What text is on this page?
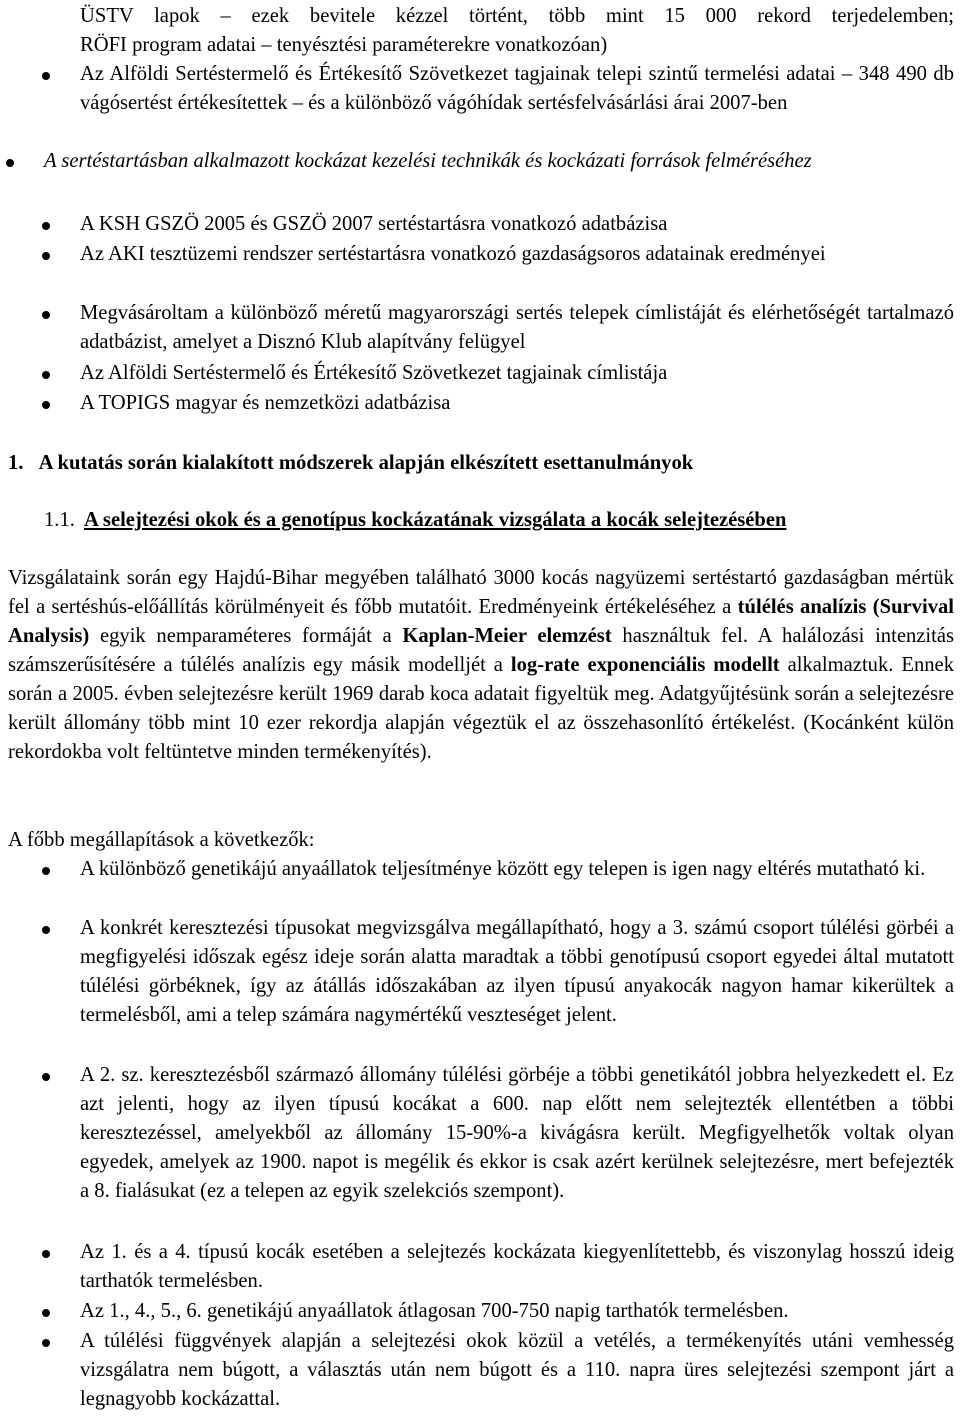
ÜSTV lapok – ezek bevitele kézzel történt, több mint 15 000 rekord terjedelemben;
RÖFI program adatai – tenyésztési paraméterekre vonatkozóan)
Az Alföldi Sertéstermelő és Értékesítő Szövetkezet tagjainak telepi szintű termelési adatai – 348 490 db vágósertést értékesítettek – és a különböző vágóhídak sertésfelvásárlási árai 2007-ben
A sertéstartásban alkalmazott kockázat kezelési technikák és kockázati források felméréséhez
A KSH GSZÖ 2005 és GSZÖ 2007 sertéstartásra vonatkozó adatbázisa
Az AKI tesztüzemi rendszer sertéstartásra vonatkozó gazdaságsoros adatainak eredményei
Megvásároltam a különböző méretű magyarországi sertés telepek címlistáját és elérhetőségét tartalmazó adatbázist, amelyet a Disznó Klub alapítvány felügyel
Az Alföldi Sertéstermelő és Értékesítő Szövetkezet tagjainak címlistája
A TOPIGS magyar és nemzetközi adatbázisa
1. A kutatás során kialakított módszerek alapján elkészített esettanulmányok
1.1. A selejtezési okok és a genotípus kockázatának vizsgálata a kocák selejtezésében
Vizsgálataink során egy Hajdú-Bihar megyében található 3000 kocás nagyüzemi sertéstartó gazdaságban mértük fel a sertéshús-előállítás körülményeit és főbb mutatóit. Eredményeink értékeléséhez a túlélés analízis (Survival Analysis) egyik nemparaméteres formáját a Kaplan-Meier elemzést használtuk fel. A halálozási intenzitás számszerűsítésére a túlélés analízis egy másik modelljét a log-rate exponenciális modellt alkalmaztuk. Ennek során a 2005. évben selejtezésre került 1969 darab koca adatait figyeltük meg. Adatgyűjtésünk során a selejtezésre került állomány több mint 10 ezer rekordja alapján végeztük el az összehasonlító értékelést. (Kocánként külön rekordokba volt feltüntetve minden termékenyítés).
A főbb megállapítások a következők:
A különböző genetikájú anyaállatok teljesítménye között egy telepen is igen nagy eltérés mutatható ki.
A konkrét keresztezési típusokat megvizsgálva megállapítható, hogy a 3. számú csoport túlélési görbéi a megfigyelési időszak egész ideje során alatta maradtak a többi genotípusú csoport egyedei által mutatott túlélési görbéknek, így az átállás időszakában az ilyen típusú anyakocák nagyon hamar kikerültek a termelésből, ami a telep számára nagymértékű veszteséget jelent.
A 2. sz. keresztezésből származó állomány túlélési görbéje a többi genetikától jobbra helyezkedett el. Ez azt jelenti, hogy az ilyen típusú kocákat a 600. nap előtt nem selejtezték ellentétben a többi keresztezéssel, amelyekből az állomány 15-90%-a kivágásra került. Megfigyelhetők voltak olyan egyedek, amelyek az 1900. napot is megélik és ekkor is csak azért kerülnek selejtezésre, mert befejezték a 8. fialásukat (ez a telepen az egyik szelekciós szempont).
Az 1. és a 4. típusú kocák esetében a selejtezés kockázata kiegyenlítettebb, és viszonylag hosszú ideig tarthatók termelésben.
Az 1., 4., 5., 6. genetikájú anyaállatok átlagosan 700-750 napig tarthatók termelésben.
A túlélési függvények alapján a selejtezési okok közül a vetélés, a termékenyítés utáni vemhesség vizsgálatra nem búgott, a választás után nem búgott és a 110. napra üres selejtezési szempont járt a legnagyobb kockázattal.
